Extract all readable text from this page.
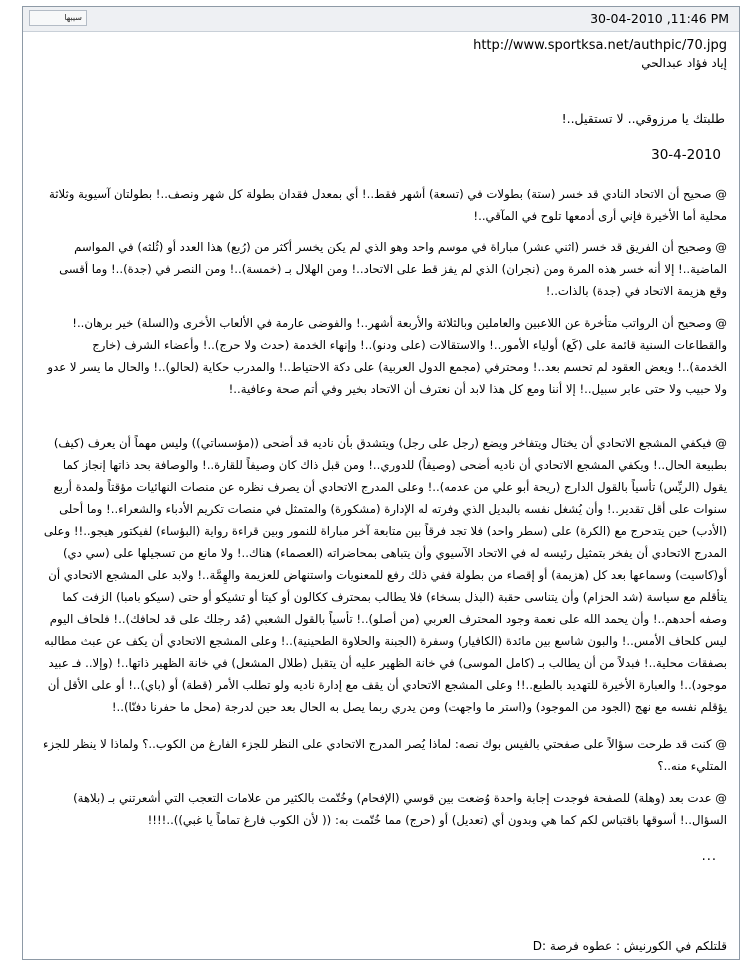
سيبها	30-04-2010 ,11:46 PM
http://www.sportksa.net/authpic/70.jpg
إياد فؤاد عبدالحي
طلبتك يا مرزوقي.. لا تستقيل..!
30-4-2010
@ صحيح أن الاتحاد النادي قد خسر (ستة) بطولات في (تسعة) أشهر فقط..! أي بمعدل فقدان بطولة كل شهر ونصف..! بطولتان آسيوية وثلاثة محلية أما الأخيرة فإني أرى أدمعها تلوح في المآقي..!
@ وصحيح أن الفريق قد خسر (اثني عشر) مباراة في موسم واحد وهو الذي لم يكن يخسر أكثر من (رُبع) هذا العدد أو (ثُلثه) في المواسم الماضية..! إلا أنه خسر هذه المرة ومن (نجران) الذي لم يفز قط على الاتحاد..! ومن الهلال بـ (خمسة)..! ومن النصر في (جدة)..! وما أقسى وقع هزيمة الاتحاد في (جدة) بالذات..!
@ وصحيح أن الرواتب متأخرة عن اللاعبين والعاملين وبالثلاثة والأربعة أشهر..! والفوضى عارمة في الألعاب الأخرى و(السلة) خير برهان..! والقطاعات السنية قائمة على (كَع) أولياء الأمور..! والاستقالات (على ودنو)..! وإنهاء الخدمة (حدث ولا حرج)..! وأعضاء الشرف (خارج الخدمة)..! ويعض العقود لم تحسم بعد..! ومحترفي (مجمع الدول العربية) على دكة الاحتياط..! والمدرب حكاية (لحالو)..! والحال ما يسر لا عدو ولا حبيب ولا حتى عابر سبيل..! إلا أننا ومع كل هذا لابد أن نعترف أن الاتحاد بخير وفي أتم صحة وعافية..!
@ فيكفي المشجع الاتحادي أن يختال ويتفاخر ويضع (رجل على رجل) ويتشدق بأن ناديه قد أضحى ((مؤسساتي)) وليس مهماً أن يعرف (كيف) بطبيعة الحال..! ويكفي المشجع الاتحادي أن ناديه أضحى (وصيفاً) للدوري..! ومن قبل ذاك كان وصيفاً للقارة..! والوصافة بحد ذاتها إنجاز كما يقول (الريِّس) تأسياً بالقول الدارج (ريحة أبو علي من عدمه)..! وعلى المدرج الاتحادي أن يصرف نظره عن منصات النهائيات مؤقتاً ولمدة أربع سنوات على أقل تقدير..! وأن يُشغل نفسه بالبديل الذي وفرته له الإدارة (مشكورة) والمتمثل في منصات تكريم الأدباء والشعراء..! وما أحلى (الأدب) حين يتدحرج مع (الكرة) على (سطر واحد) فلا تجد فرقاً بين متابعة آخر مباراة للنمور وبين قراءة رواية (البؤساء) لفيكتور هيجو..!! وعلى المدرج الاتحادي أن يفخر بتمثيل رئيسه له في الاتحاد الآسيوي وأن يتباهى بمحاضراته (العصماء) هناك..! ولا مانع من تسجيلها على (سي دي) أو(كاسيت) وسماعها بعد كل (هزيمة) أو إقصاء من بطولة ففي ذلك رفع للمعنويات واستنهاض للعزيمة والهِمَّة..! ولابد على المشجع الاتحادي أن يتأقلم مع سياسة (شد الحزام) وأن يتناسى حقبة (البذل بسخاء) فلا يطالب بمحترف ككالون أو كيتا أو تشيكو أو حتى (سيكو بامبا) الزفت كما وصفه أحدهم..! وأن يحمد الله على نعمة وجود المحترف العربي (من أصلو)..! تأسياً بالقول الشعبي (مُد رجلك على قد لحافك)..! فلحاف اليوم ليس كلحاف الأمس..! والبون شاسع بين مائدة (الكافيار) وسفرة (الجبنة والحلاوة الطحينية)..! وعلى المشجع الاتحادي أن يكف عن عبث مطالبه بصفقات محلية..! فبدلاً من أن يطالب بـ (كامل الموسى) في خانة الظهير عليه أن يتقبل (طلال المشعل) في خانة الظهير ذاتها..! (وإلا.. فـ عبيد موجود)..! والعبارة الأخيرة للتهديد بالطبع..!! وعلى المشجع الاتحادي أن يقف مع إدارة ناديه ولو تطلب الأمر (قطة) أو (باي)..! أو على الأقل أن يؤقلم نفسه مع نهج (الجود من الموجود) و(استر ما واجهت) ومن يدري ربما يصل به الحال بعد حين لدرجة (محل ما حفرنا دفنّا)..!
@ كنت قد طرحت سؤالاً على صفحتي بالفيس بوك نصه: لماذا يُصر المدرج الاتحادي على النظر للجزء الفارغ من الكوب..؟ ولماذا لا ينظر للجزء المتليء منه..؟
@ عدت بعد (وهلة) للصفحة فوجدت إجابة واحدة وُضعت بين قوسي (الإفحام) وخُتّمت بالكثير من علامات التعجب التي أشعرتني بـ (بلاهة) السؤال..! أسوقها باقتباس لكم كما هي وبدون أي (تعديل) أو (حرج) مما خُتّمت به: (( لأن الكوب فارغ تماماً يا غبي))..!!!!
...
قلتلكم في الكورنيش : عطوه فرصة :D
